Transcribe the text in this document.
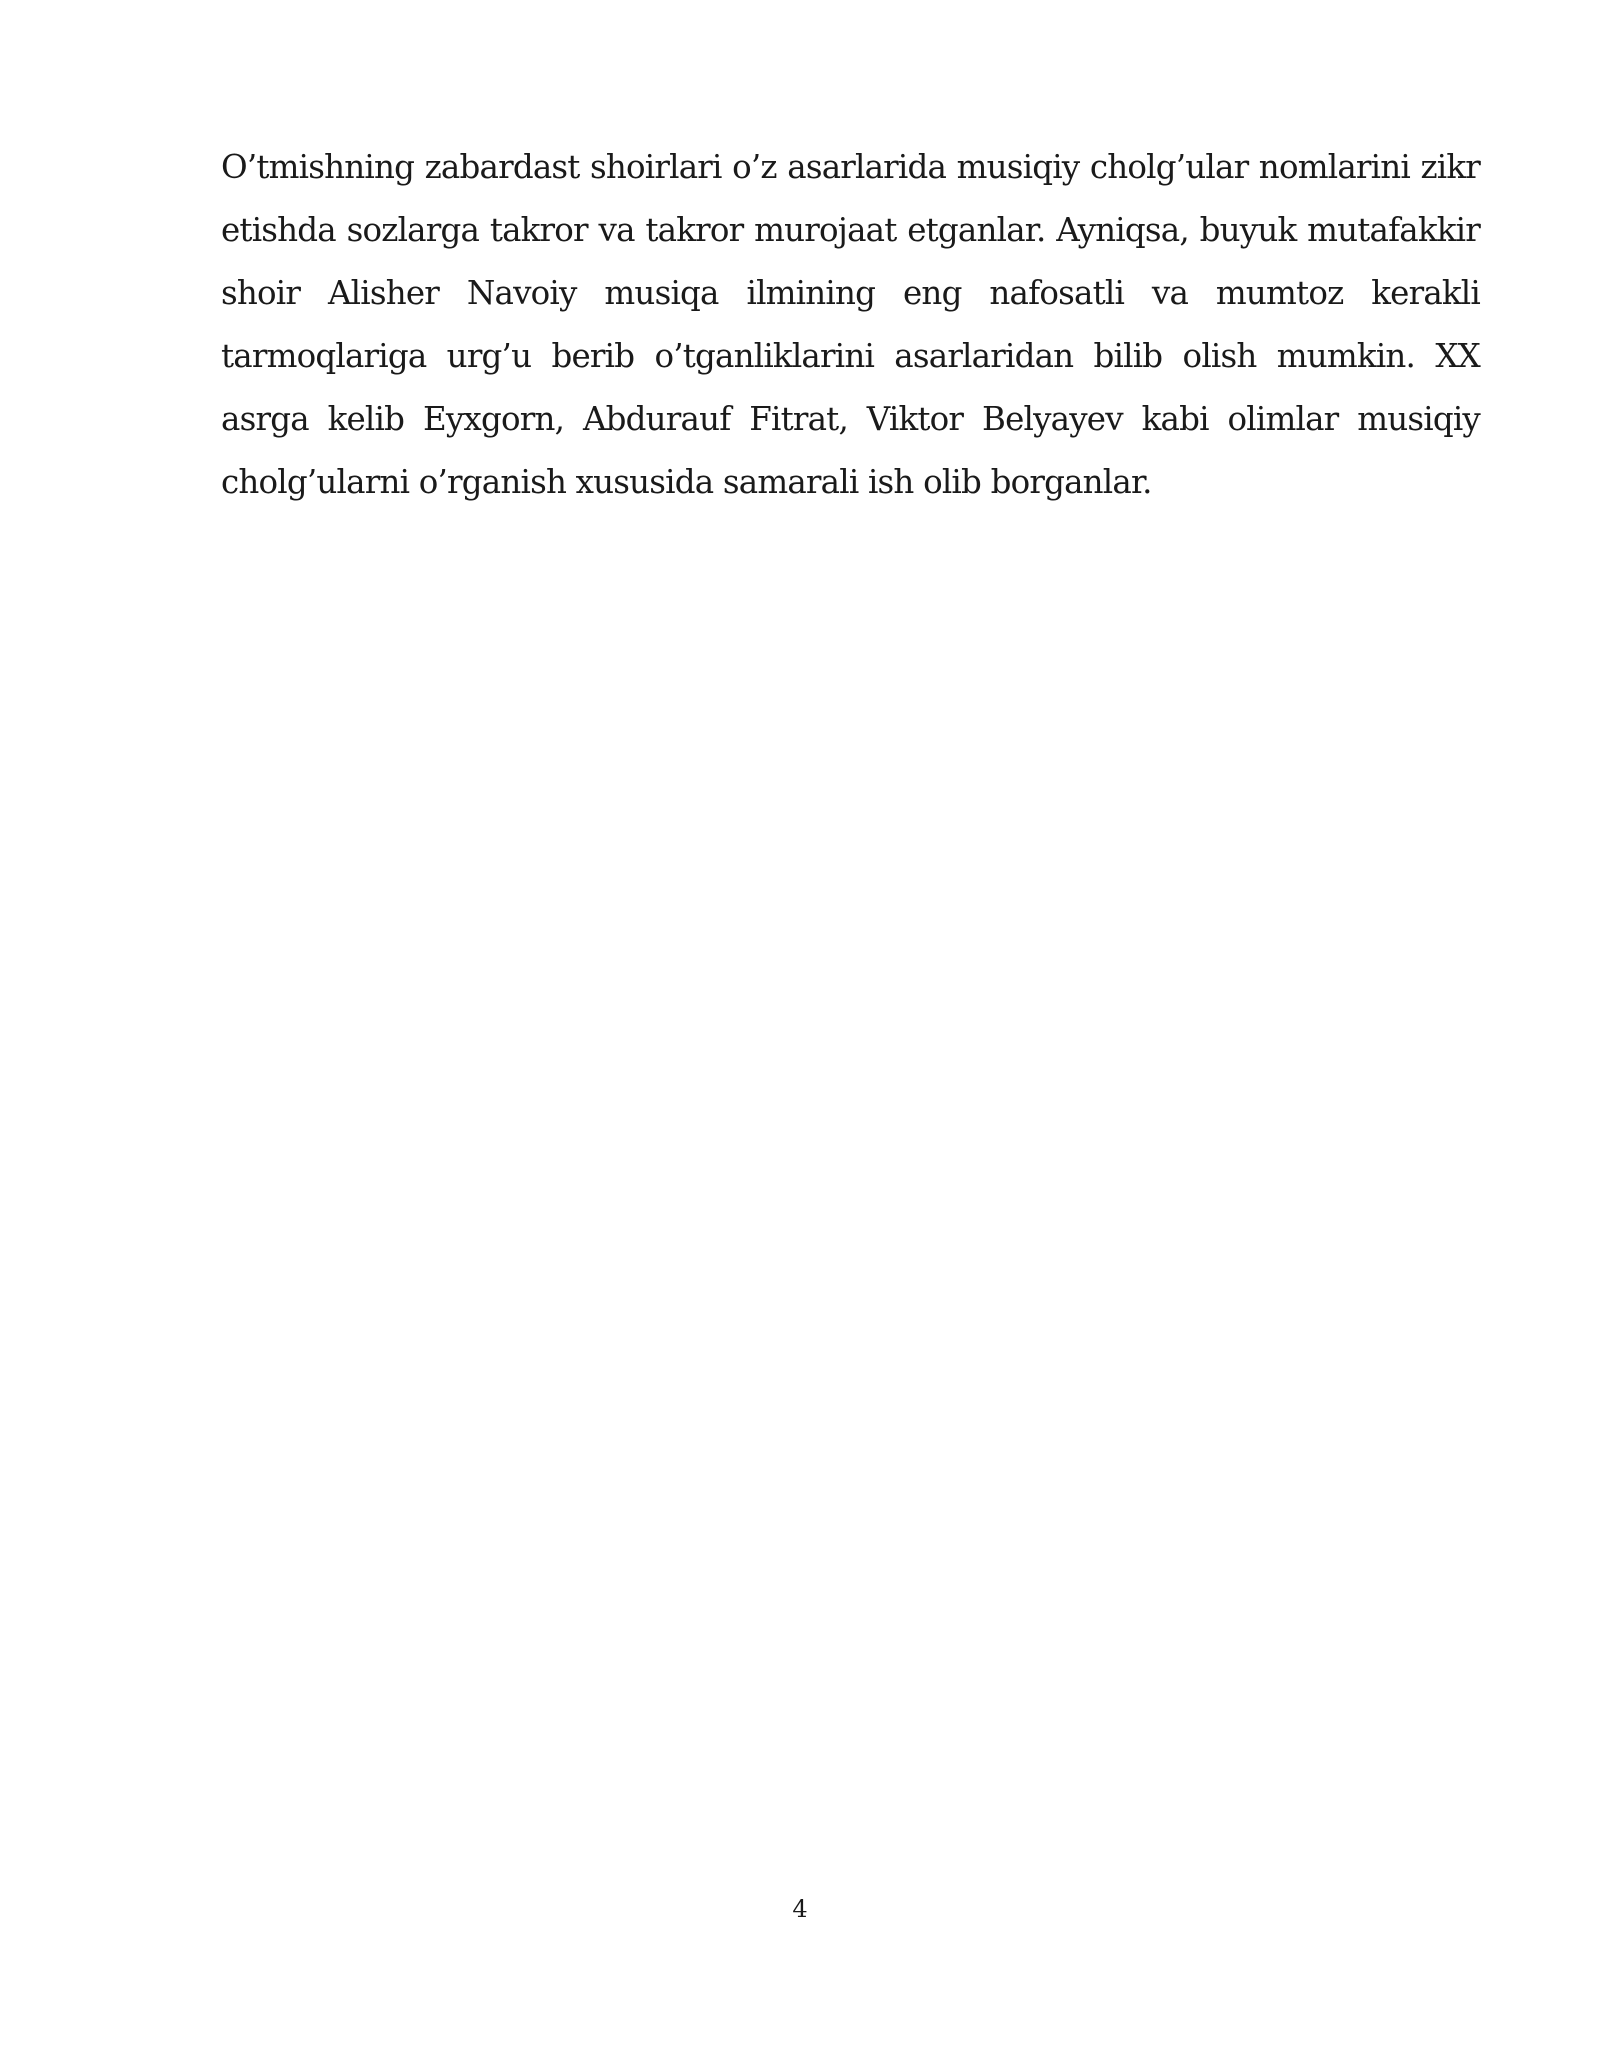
O’tmishning zabardast shoirlari o’z asarlarida musiqiy cholg’ular nomlarini zikr etishda sozlarga takror va takror murojaat etganlar. Ayniqsa, buyuk mutafakkir shoir Alisher Navoiy musiqa ilmining eng nafosatli va mumtoz kerakli tarmoqlariga urg’u berib o’tganliklarini asarlaridan bilib olish mumkin. XX asrga kelib Eyxgorn, Abdurauf Fitrat, Viktor Belyayev kabi olimlar musiqiy cholg’ularni o’rganish xususida samarali ish olib borganlar.

4
